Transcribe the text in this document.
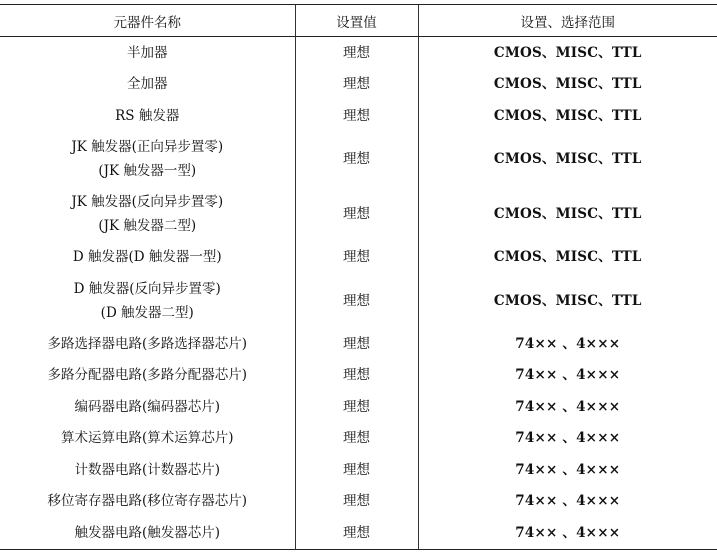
元器件名称	设置值	设置、选择范围

半加器	理想	CMOS、MISC、TTL

全加器	理想	CMOS、MISC、TTL

RS 触发器	理想	CMOS、MISC、TTL

JK 触发器(正向异步置零)
(JK 触发器一型)	理想	CMOS、MISC、TTL

JK 触发器(反向异步置零)
(JK 触发器二型)	理想	CMOS、MISC、TTL

D 触发器(D 触发器一型)	理想	CMOS、MISC、TTL

D 触发器(反向异步置零)
(D 触发器二型)	理想	CMOS、MISC、TTL

多路选择器电路(多路选择器芯片)	理想	74×× 、4×××

多路分配器电路(多路分配器芯片)	理想	74×× 、4×××

编码器电路(编码器芯片)	理想	74×× 、4×××

算术运算电路(算术运算芯片)	理想	74×× 、4×××

计数器电路(计数器芯片)	理想	74×× 、4×××

移位寄存器电路(移位寄存器芯片)	理想	74×× 、4×××

触发器电路(触发器芯片)	理想	74×× 、4×××
